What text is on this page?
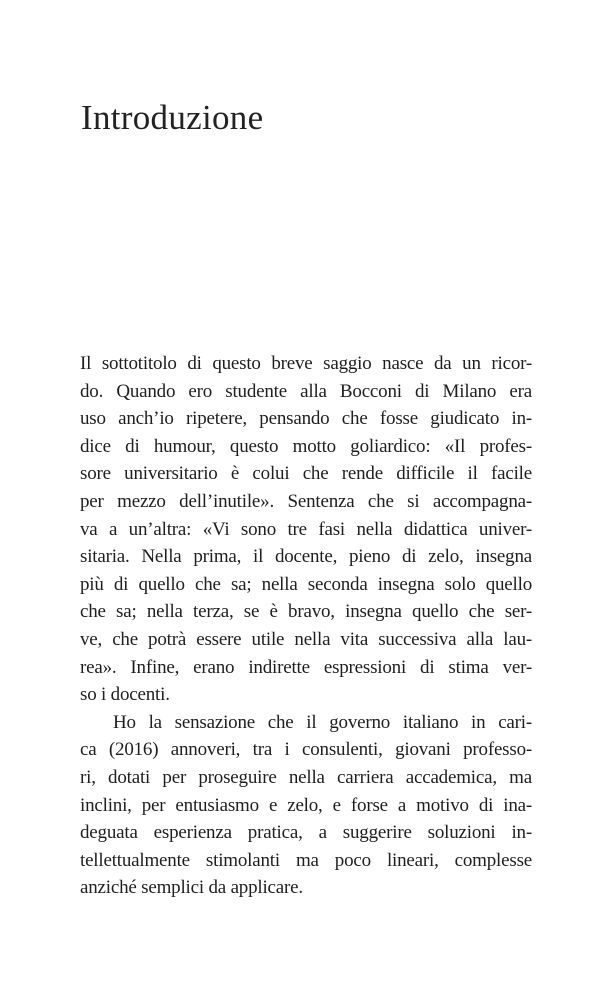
Introduzione

Il sottotitolo di questo breve saggio nasce da un ricor-
do. Quando ero studente alla Bocconi di Milano era
uso anch’io ripetere, pensando che fosse giudicato in-
dice di humour, questo motto goliardico: «Il profes-
sore universitario è colui che rende difficile il facile
per mezzo dell’inutile». Sentenza che si accompagna-
va a un’altra: «Vi sono tre fasi nella didattica univer-
sitaria. Nella prima, il docente, pieno di zelo, insegna
più di quello che sa; nella seconda insegna solo quello
che sa; nella terza, se è bravo, insegna quello che ser-
ve, che potrà essere utile nella vita successiva alla lau-
rea». Infine, erano indirette espressioni di stima ver-
so i docenti.

Ho la sensazione che il governo italiano in cari-
ca (2016) annoveri, tra i consulenti, giovani professo-
ri, dotati per proseguire nella carriera accademica, ma
inclini, per entusiasmo e zelo, e forse a motivo di ina-
deguata esperienza pratica, a suggerire soluzioni in-
tellettualmente stimolanti ma poco lineari, complesse
anziché semplici da applicare.
